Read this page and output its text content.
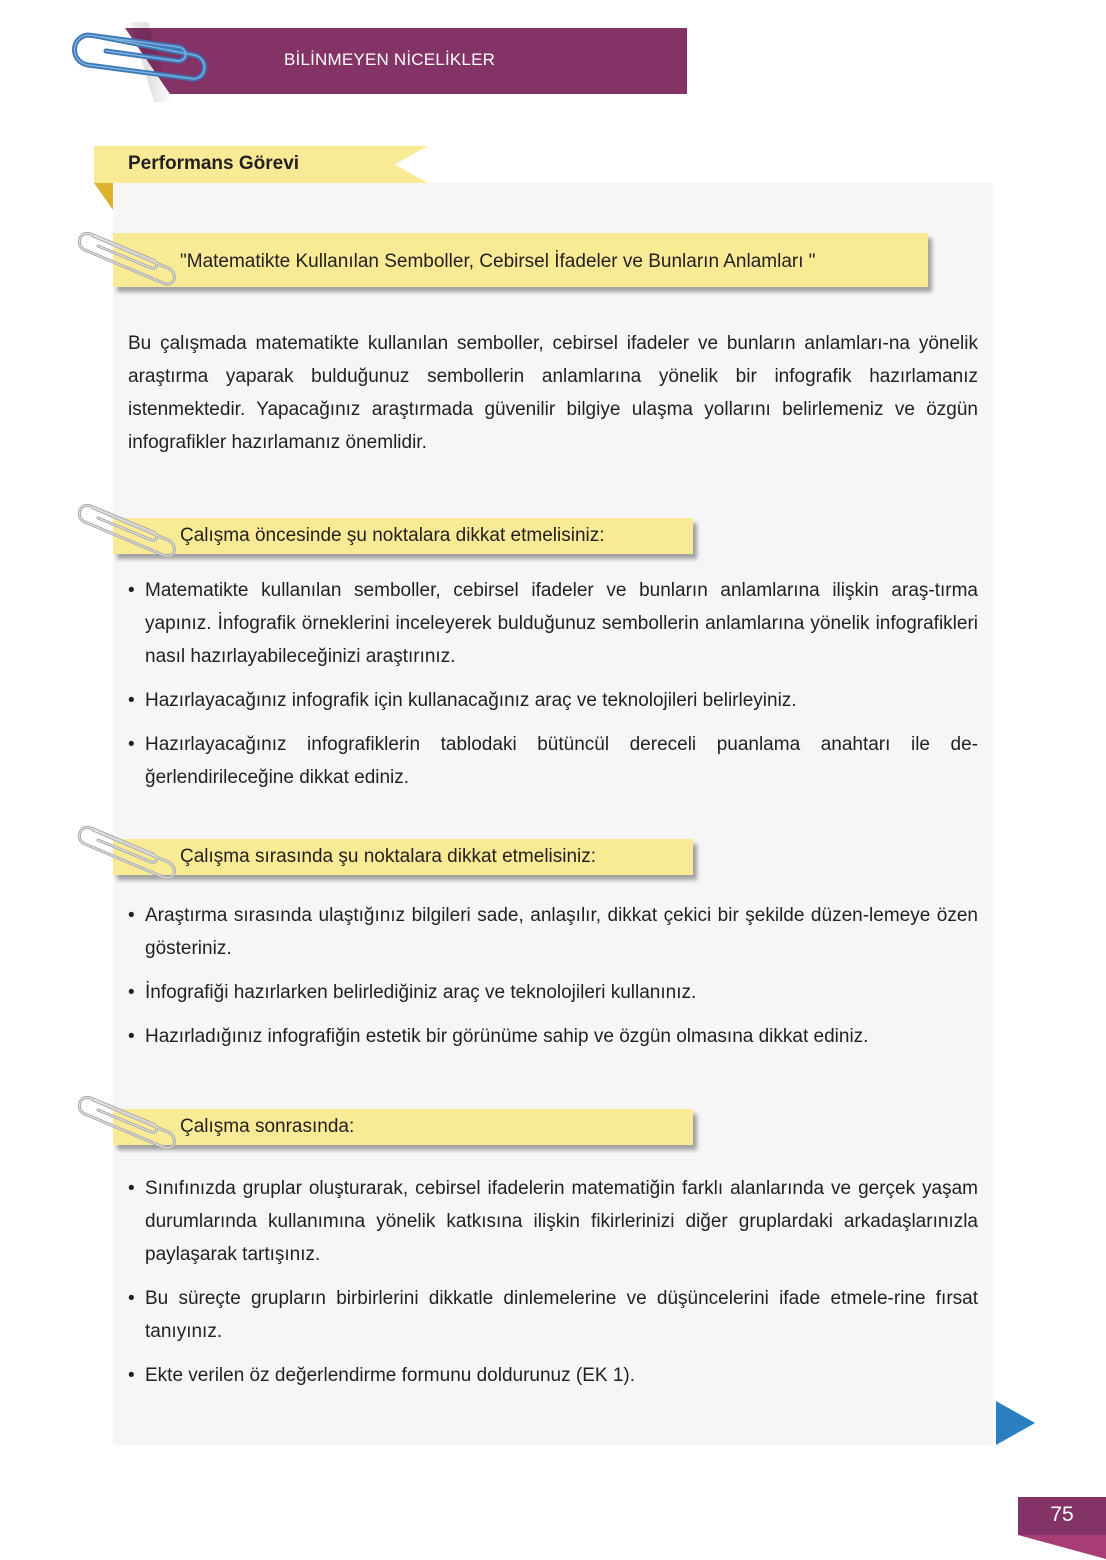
BİLİNMEYEN NİCELİKLER
Performans Görevi
"Matematikte Kullanılan Semboller, Cebirsel İfadeler ve Bunların Anlamları "
Bu çalışmada matematikte kullanılan semboller, cebirsel ifadeler ve bunların anlamları-na yönelik araştırma yaparak bulduğunuz sembollerin anlamlarına yönelik bir infografik hazırlamanız istenmektedir. Yapacağınız araştırmada güvenilir bilgiye ulaşma yollarını belirlemeniz ve özgün infografikler hazırlamanız önemlidir.
Çalışma öncesinde şu noktalara dikkat etmelisiniz:
• Matematikte kullanılan semboller, cebirsel ifadeler ve bunların anlamlarına ilişkin araş-tırma yapınız. İnfografik örneklerini inceleyerek bulduğunuz sembollerin anlamlarına yönelik infografikleri nasıl hazırlayabileceğinizi araştırınız.
• Hazırlayacağınız infografik için kullanacağınız araç ve teknolojileri belirleyiniz.
• Hazırlayacağınız infografiklerin tablodaki bütüncül dereceli puanlama anahtarı ile de-ğerlendirileceğine dikkat ediniz.
Çalışma sırasında şu noktalara dikkat etmelisiniz:
• Araştırma sırasında ulaştığınız bilgileri sade, anlaşılır, dikkat çekici bir şekilde düzen-lemeye özen gösteriniz.
• İnfografiği hazırlarken belirlediğiniz araç ve teknolojileri kullanınız.
• Hazırladığınız infografiğin estetik bir görünüme sahip ve özgün olmasına dikkat ediniz.
Çalışma sonrasında:
• Sınıfınızda gruplar oluşturarak, cebirsel ifadelerin matematiğin farklı alanlarında ve gerçek yaşam durumlarında kullanımına yönelik katkısına ilişkin fikirlerinizi diğer gruplardaki arkadaşlarınızla paylaşarak tartışınız.
• Bu süreçte grupların birbirlerini dikkatle dinlemelerine ve düşüncelerini ifade etmele-rine fırsat tanıyınız.
• Ekte verilen öz değerlendirme formunu doldurunuz (EK 1).
75
